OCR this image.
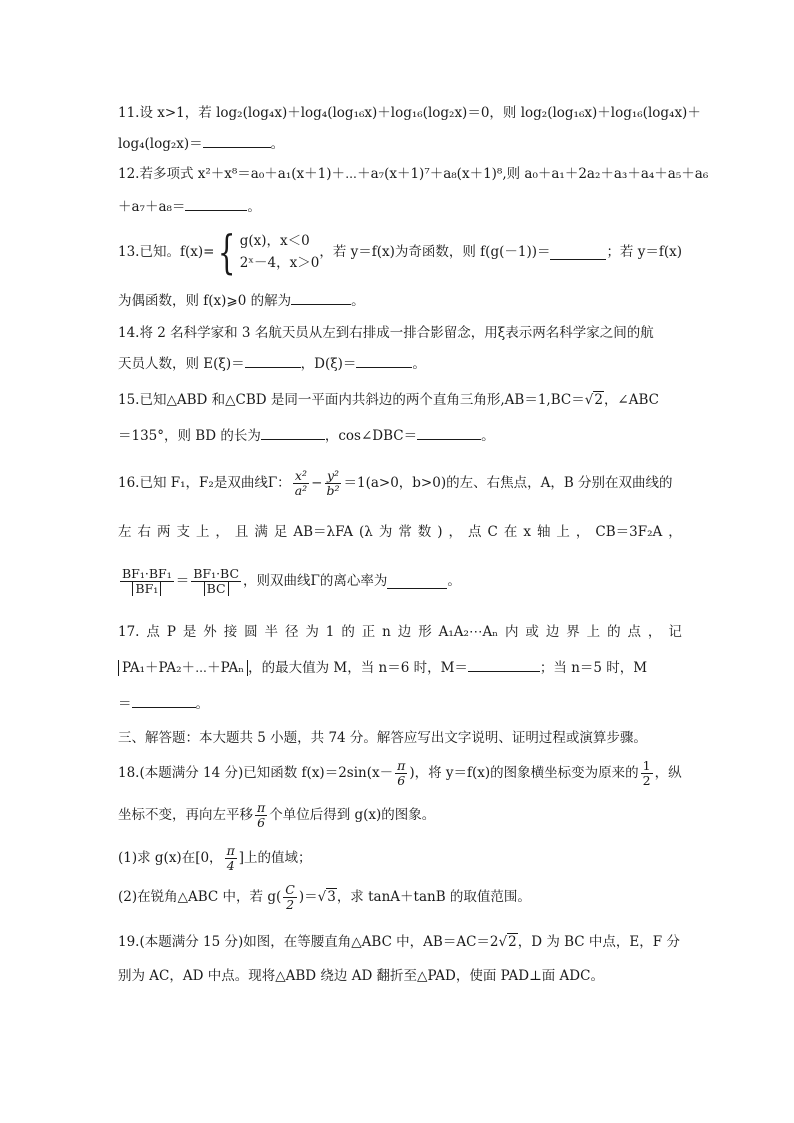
11.设 x>1，若 log₂(log₄x)＋log₄(log₁₆x)＋log₁₆(log₂x)＝0，则 log₂(log₁₆x)＋log₁₆(log₄x)＋
log₄(log₂x)＝	。
12.若多项式 x²＋x⁸＝a₀＋a₁(x＋1)＋⋯＋a₇(x＋1)⁷＋a₈(x＋1)⁸,则 a₀＋a₁＋2a₂＋a₃＋a₄＋a₅＋a₆
＋a₇＋a₈＝	。
13.已知。f(x)= { g(x)，x＜0
2ˣ－4，x＞0
，若 y＝f(x)为奇函数，则 f(g(－1))＝	；若 y＝f(x)
为偶函数，则 f(x)⩾0 的解为	。
14.将 2 名科学家和 3 名航天员从左到右排成一排合影留念，用ξ表示两名科学家之间的航
天员人数，则 E(ξ)＝	，D(ξ)＝	。
15.已知△ABD 和△CBD 是同一平面内共斜边的两个直角三角形,AB＝1,BC＝√2，∠ABC
＝135°，则 BD 的长为	，cos∠DBC＝	。
16.已知 F₁，F₂是双曲线Γ： $\frac{\text{x²}}{\text{a²}} - \frac{\text{y²}}{\text{b²}} =1(a>0$，b>0)的左、右焦点，A，B 分别在双曲线的
左 右 两 支 上 ， 且 满 足 AB＝λFA (λ 为 常 数 ) ， 点 C 在 x 轴 上 ， CB＝3F₂A ，
$\frac{\text{BF₁·BF₁}}{\text{BF₁}} = \frac{\text{BF₁·BC}}{BC}$ ，则双曲线Γ的离心率为	。
17. 点 P 是 外 接 圆 半 径 为 1 的 正 n 边 形 A₁A₂⋯Aₙ 内 或 边 界 上 的 点 ， 记
PA₁＋PA₂＋⋯＋PAₙ ，的最大值为 M，当 n＝6 时，M＝	；当 n＝5 时，M
＝	。
三、解答题：本大题共 5 小题，共 74 分。解答应写出文字说明、证明过程或演算步骤。
18.(本题满分 14 分)已知函数 $f(x)=2\sin(x- \frac{\pi}{6}$ )，将 y＝f(x)的图象横坐标变为原来的 $\frac{1}{2}$ ，纵
坐标不变，再向左平移 $\frac{\pi}{6}$ 个单位后得到 g(x)的图象。
(1)求 g(x)在[0， $\frac{\pi}{4}$ ]上的值域；
(2)在锐角△ABC 中，若 $g( \frac{C}{2}$ )＝ √3 ，求 tanA＋tanB 的取值范围。
19.(本题满分 15 分)如图，在等腰直角△ABC 中，AB＝AC＝2√2，D 为 BC 中点，E，F 分
别为 AC，AD 中点。现将△ABD 绕边 AD 翻折至△PAD，使面 PAD⊥面 ADC。
